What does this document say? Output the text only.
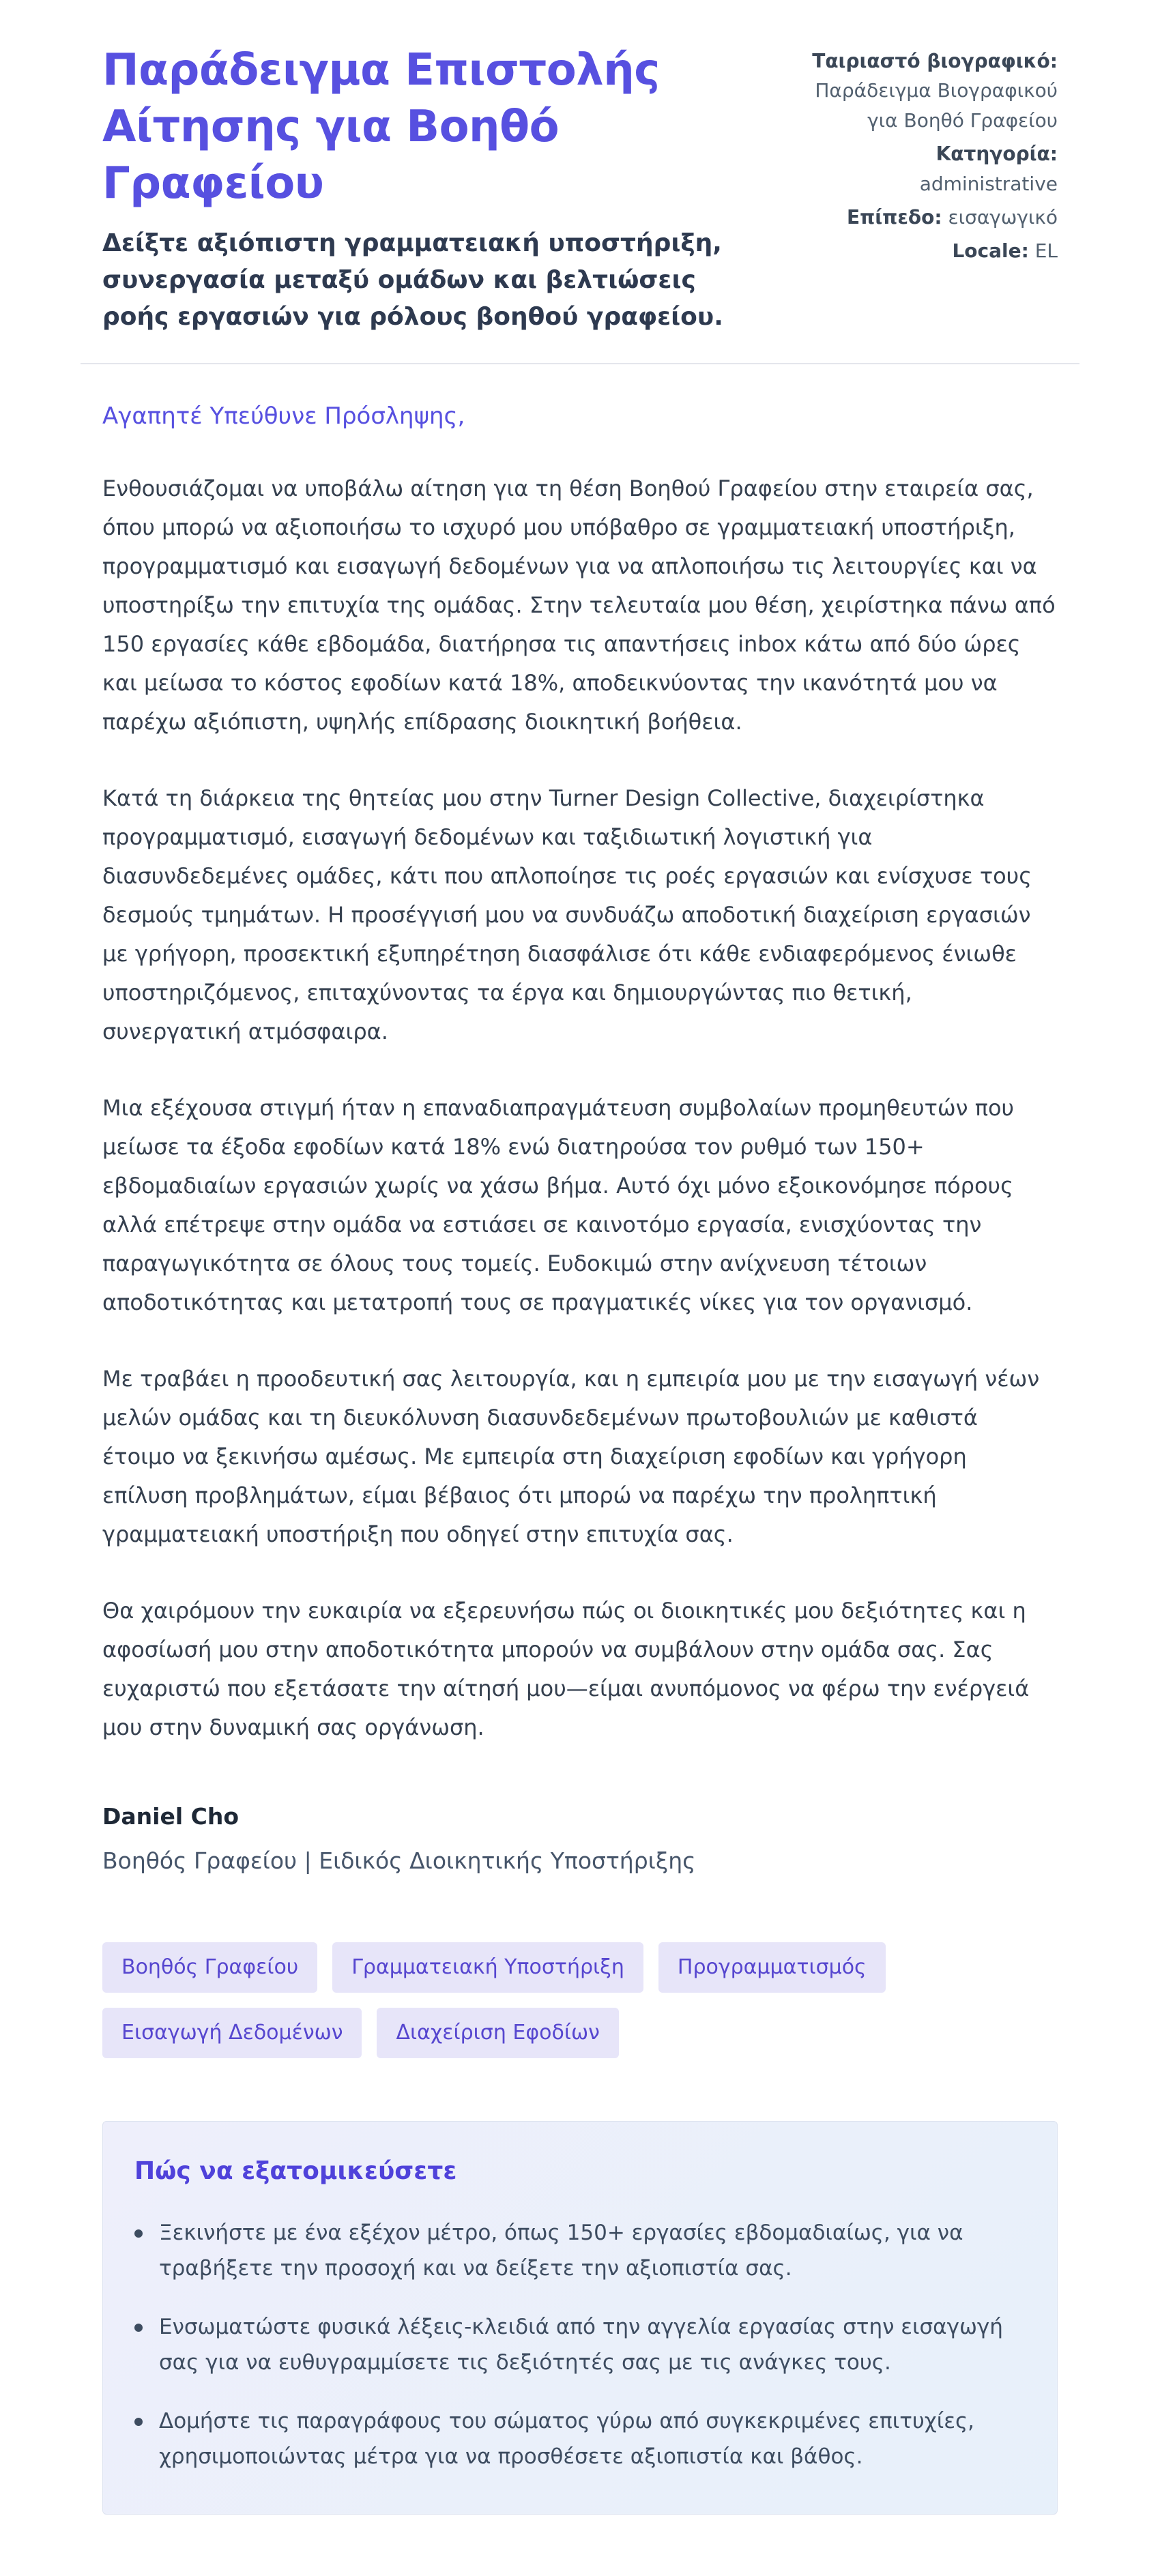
Παράδειγμα Επιστολής Αίτησης για Βοηθό Γραφείου

Δείξτε αξιόπιστη γραμματειακή υποστήριξη, συνεργασία μεταξύ ομάδων και βελτιώσεις ροής εργασιών για ρόλους βοηθού γραφείου.

Ταιριαστό βιογραφικό:
Παράδειγμα Βιογραφικού για Βοηθό Γραφείου
Κατηγορία: administrative
Επίπεδο: εισαγωγικό
Locale: EL

Αγαπητέ Υπεύθυνε Πρόσληψης,

Ενθουσιάζομαι να υποβάλω αίτηση για τη θέση Βοηθού Γραφείου στην εταιρεία σας, όπου μπορώ να αξιοποιήσω το ισχυρό μου υπόβαθρο σε γραμματειακή υποστήριξη, προγραμματισμό και εισαγωγή δεδομένων για να απλοποιήσω τις λειτουργίες και να υποστηρίξω την επιτυχία της ομάδας. Στην τελευταία μου θέση, χειρίστηκα πάνω από 150 εργασίες κάθε εβδομάδα, διατήρησα τις απαντήσεις inbox κάτω από δύο ώρες και μείωσα το κόστος εφοδίων κατά 18%, αποδεικνύοντας την ικανότητά μου να παρέχω αξιόπιστη, υψηλής επίδρασης διοικητική βοήθεια.

Κατά τη διάρκεια της θητείας μου στην Turner Design Collective, διαχειρίστηκα προγραμματισμό, εισαγωγή δεδομένων και ταξιδιωτική λογιστική για διασυνδεδεμένες ομάδες, κάτι που απλοποίησε τις ροές εργασιών και ενίσχυσε τους δεσμούς τμημάτων. Η προσέγγισή μου να συνδυάζω αποδοτική διαχείριση εργασιών με γρήγορη, προσεκτική εξυπηρέτηση διασφάλισε ότι κάθε ενδιαφερόμενος ένιωθε υποστηριζόμενος, επιταχύνοντας τα έργα και δημιουργώντας πιο θετική, συνεργατική ατμόσφαιρα.

Μια εξέχουσα στιγμή ήταν η επαναδιαπραγμάτευση συμβολαίων προμηθευτών που μείωσε τα έξοδα εφοδίων κατά 18% ενώ διατηρούσα τον ρυθμό των 150+ εβδομαδιαίων εργασιών χωρίς να χάσω βήμα. Αυτό όχι μόνο εξοικονόμησε πόρους αλλά επέτρεψε στην ομάδα να εστιάσει σε καινοτόμο εργασία, ενισχύοντας την παραγωγικότητα σε όλους τους τομείς. Ευδοκιμώ στην ανίχνευση τέτοιων αποδοτικότητας και μετατροπή τους σε πραγματικές νίκες για τον οργανισμό.

Με τραβάει η προοδευτική σας λειτουργία, και η εμπειρία μου με την εισαγωγή νέων μελών ομάδας και τη διευκόλυνση διασυνδεδεμένων πρωτοβουλιών με καθιστά έτοιμο να ξεκινήσω αμέσως. Με εμπειρία στη διαχείριση εφοδίων και γρήγορη επίλυση προβλημάτων, είμαι βέβαιος ότι μπορώ να παρέχω την προληπτική γραμματειακή υποστήριξη που οδηγεί στην επιτυχία σας.

Θα χαιρόμουν την ευκαιρία να εξερευνήσω πώς οι διοικητικές μου δεξιότητες και η αφοσίωσή μου στην αποδοτικότητα μπορούν να συμβάλουν στην ομάδα σας. Σας ευχαριστώ που εξετάσατε την αίτησή μου—είμαι ανυπόμονος να φέρω την ενέργειά μου στην δυναμική σας οργάνωση.

Daniel Cho

Βοηθός Γραφείου | Ειδικός Διοικητικής Υποστήριξης

Βοηθός Γραφείου	Γραμματειακή Υποστήριξη	Προγραμματισμός
Εισαγωγή Δεδομένων	Διαχείριση Εφοδίων
Πώς να εξατομικεύσετε
Ξεκινήστε με ένα εξέχον μέτρο, όπως 150+ εργασίες εβδομαδιαίως, για να τραβήξετε την προσοχή και να δείξετε την αξιοπιστία σας.
Ενσωματώστε φυσικά λέξεις-κλειδιά από την αγγελία εργασίας στην εισαγωγή σας για να ευθυγραμμίσετε τις δεξιότητές σας με τις ανάγκες τους.
Δομήστε τις παραγράφους του σώματος γύρω από συγκεκριμένες επιτυχίες, χρησιμοποιώντας μέτρα για να προσθέσετε αξιοπιστία και βάθος.
